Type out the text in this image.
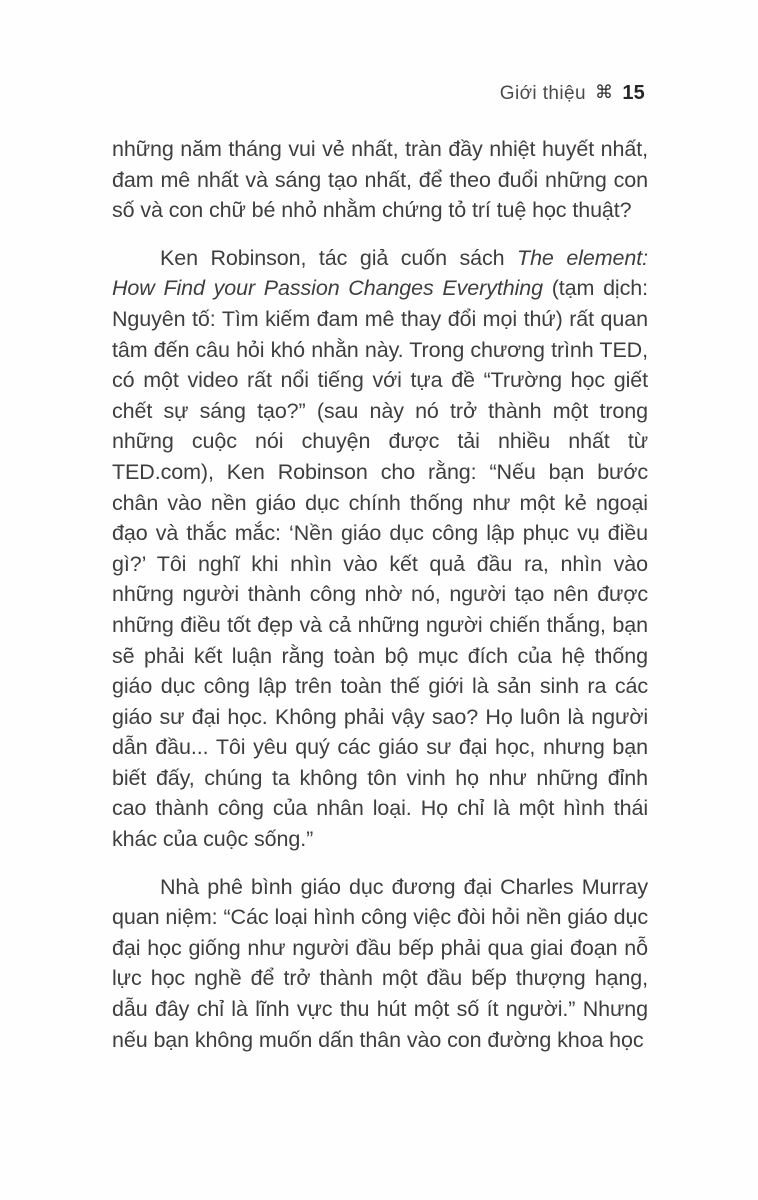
Giới thiệu ⌘ 15

những năm tháng vui vẻ nhất, tràn đầy nhiệt huyết nhất, đam mê nhất và sáng tạo nhất, để theo đuổi những con số và con chữ bé nhỏ nhằm chứng tỏ trí tuệ học thuật?

Ken Robinson, tác giả cuốn sách The element: How Find your Passion Changes Everything (tạm dịch: Nguyên tố: Tìm kiếm đam mê thay đổi mọi thứ) rất quan tâm đến câu hỏi khó nhằn này. Trong chương trình TED, có một video rất nổi tiếng với tựa đề “Trường học giết chết sự sáng tạo?” (sau này nó trở thành một trong những cuộc nói chuyện được tải nhiều nhất từ TED.com), Ken Robinson cho rằng: “Nếu bạn bước chân vào nền giáo dục chính thống như một kẻ ngoại đạo và thắc mắc: ‘Nền giáo dục công lập phục vụ điều gì?’ Tôi nghĩ khi nhìn vào kết quả đầu ra, nhìn vào những người thành công nhờ nó, người tạo nên được những điều tốt đẹp và cả những người chiến thắng, bạn sẽ phải kết luận rằng toàn bộ mục đích của hệ thống giáo dục công lập trên toàn thế giới là sản sinh ra các giáo sư đại học. Không phải vậy sao? Họ luôn là người dẫn đầu... Tôi yêu quý các giáo sư đại học, nhưng bạn biết đấy, chúng ta không tôn vinh họ như những đỉnh cao thành công của nhân loại. Họ chỉ là một hình thái khác của cuộc sống.”

Nhà phê bình giáo dục đương đại Charles Murray quan niệm: “Các loại hình công việc đòi hỏi nền giáo dục đại học giống như người đầu bếp phải qua giai đoạn nỗ lực học nghề để trở thành một đầu bếp thượng hạng, dẫu đây chỉ là lĩnh vực thu hút một số ít người.” Nhưng nếu bạn không muốn dấn thân vào con đường khoa học
